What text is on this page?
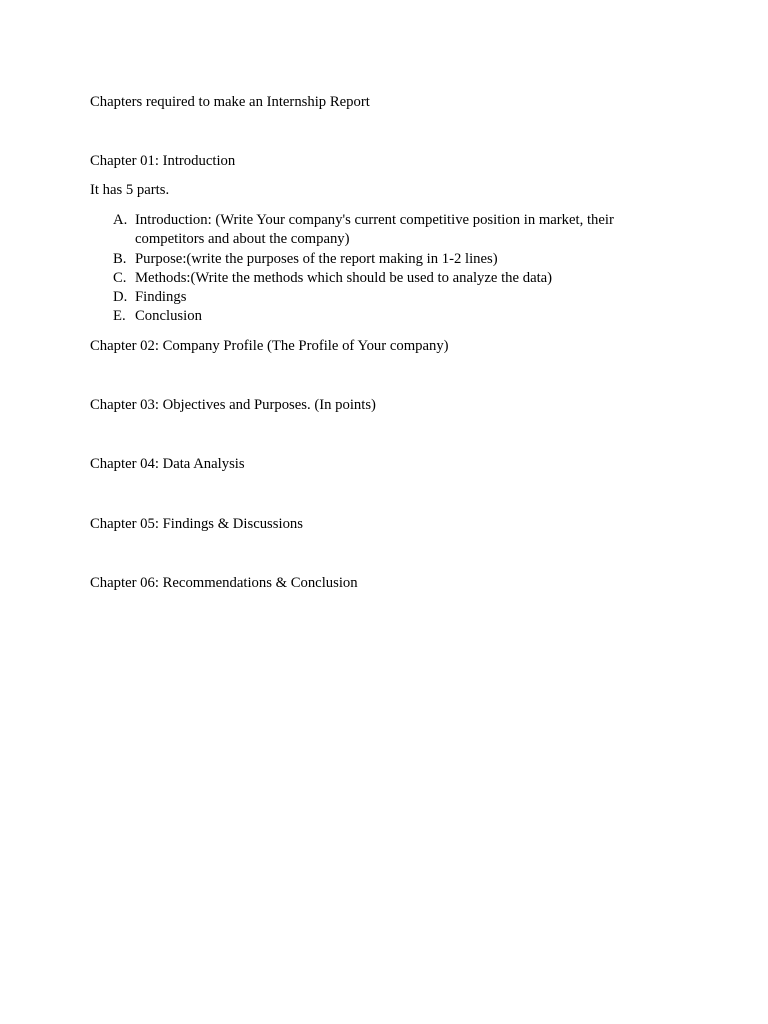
Chapters required to make an Internship Report
Chapter 01: Introduction
It has 5 parts.
A. Introduction: (Write Your company's current competitive position in market, their competitors and about the company)
B. Purpose:(write the purposes of the report making in 1-2 lines)
C. Methods:(Write the methods which should be used to analyze the data)
D. Findings
E. Conclusion
Chapter 02: Company Profile (The Profile of Your company)
Chapter 03: Objectives and Purposes. (In points)
Chapter 04: Data Analysis
Chapter 05: Findings & Discussions
Chapter 06: Recommendations & Conclusion
